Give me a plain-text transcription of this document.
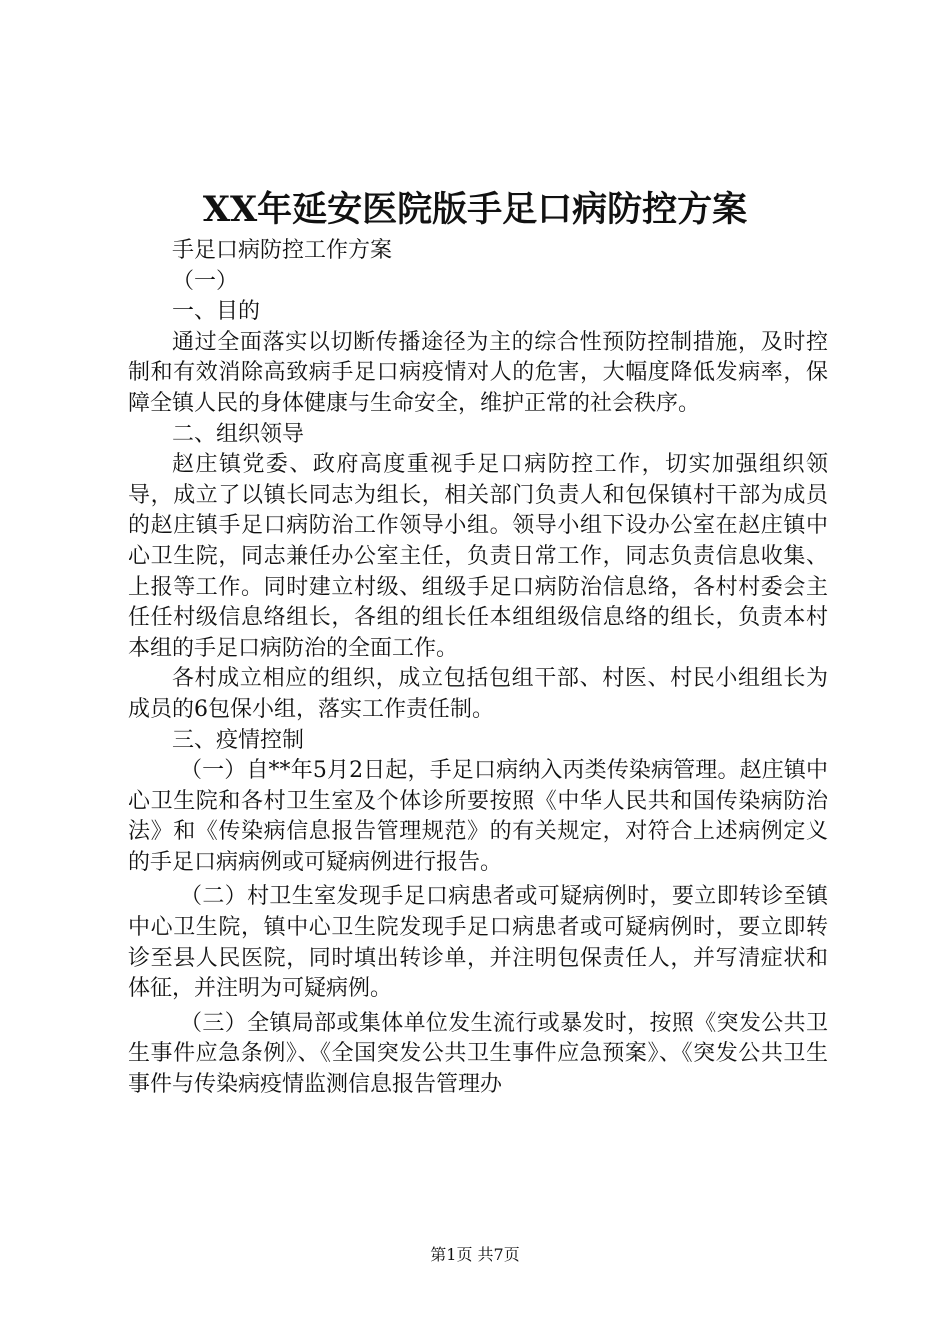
XX年延安医院版手足口病防控方案

手足口病防控工作方案

（一）

一、目的

通过全面落实以切断传播途径为主的综合性预防控制措施，及时控制和有效消除高致病手足口病疫情对人的危害，大幅度降低发病率，保障全镇人民的身体健康与生命安全，维护正常的社会秩序。

二、组织领导

赵庄镇党委、政府高度重视手足口病防控工作，切实加强组织领导，成立了以镇长同志为组长，相关部门负责人和包保镇村干部为成员的赵庄镇手足口病防治工作领导小组。领导小组下设办公室在赵庄镇中心卫生院，同志兼任办公室主任，负责日常工作，同志负责信息收集、上报等工作。同时建立村级、组级手足口病防治信息络，各村村委会主任任村级信息络组长，各组的组长任本组组级信息络的组长，负责本村本组的手足口病防治的全面工作。

各村成立相应的组织，成立包括包组干部、村医、村民小组组长为成员的6包保小组，落实工作责任制。

三、疫情控制

（一）自**年5月2日起，手足口病纳入丙类传染病管理。赵庄镇中心卫生院和各村卫生室及个体诊所要按照《中华人民共和国传染病防治法》和《传染病信息报告管理规范》的有关规定，对符合上述病例定义的手足口病病例或可疑病例进行报告。

（二）村卫生室发现手足口病患者或可疑病例时，要立即转诊至镇中心卫生院，镇中心卫生院发现手足口病患者或可疑病例时，要立即转诊至县人民医院，同时填出转诊单，并注明包保责任人，并写清症状和体征，并注明为可疑病例。

（三）全镇局部或集体单位发生流行或暴发时，按照《突发公共卫生事件应急条例》、《全国突发公共卫生事件应急预案》、《突发公共卫生事件与传染病疫情监测信息报告管理办

第1页 共7页
